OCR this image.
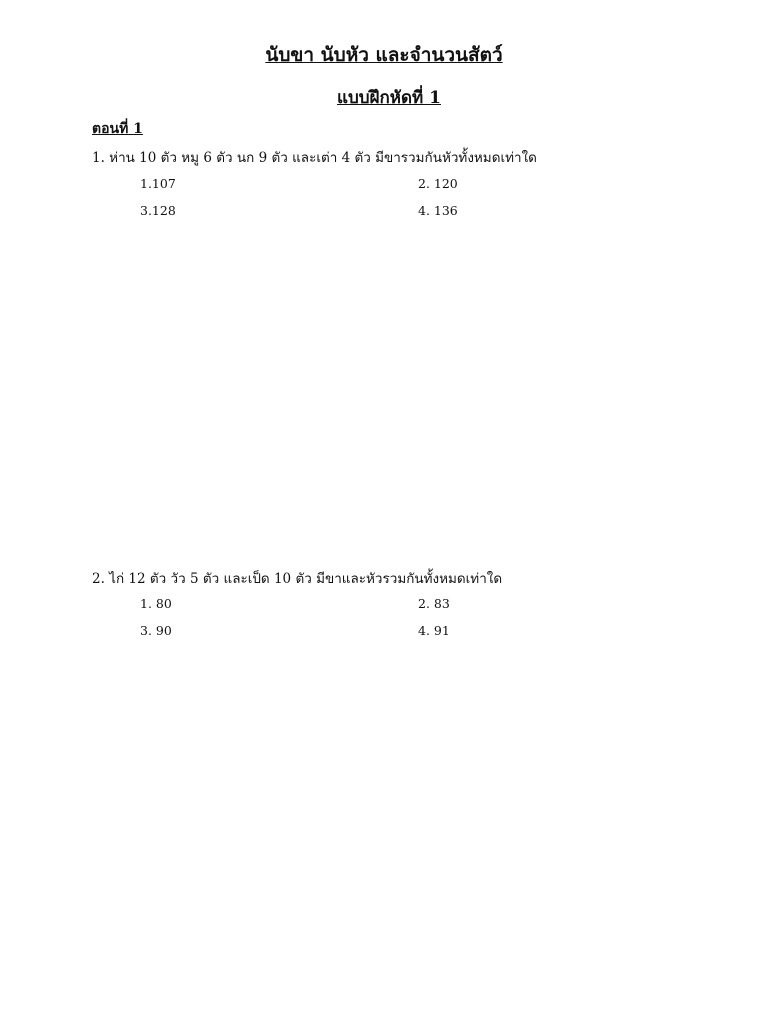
นับขา นับหัว และจำนวนสัตว์
แบบฝึกหัดที่ 1
ตอนที่ 1
1. ห่าน 10 ตัว หมู 6 ตัว นก 9 ตัว และเต่า 4 ตัว มีขารวมกันหัวทั้งหมดเท่าใด
1.107	2. 120
3.128	4. 136
2. ไก่ 12 ตัว วัว 5 ตัว และเป็ด 10 ตัว มีขาและหัวรวมกันทั้งหมดเท่าใด
1. 80	2. 83
3. 90	4. 91
